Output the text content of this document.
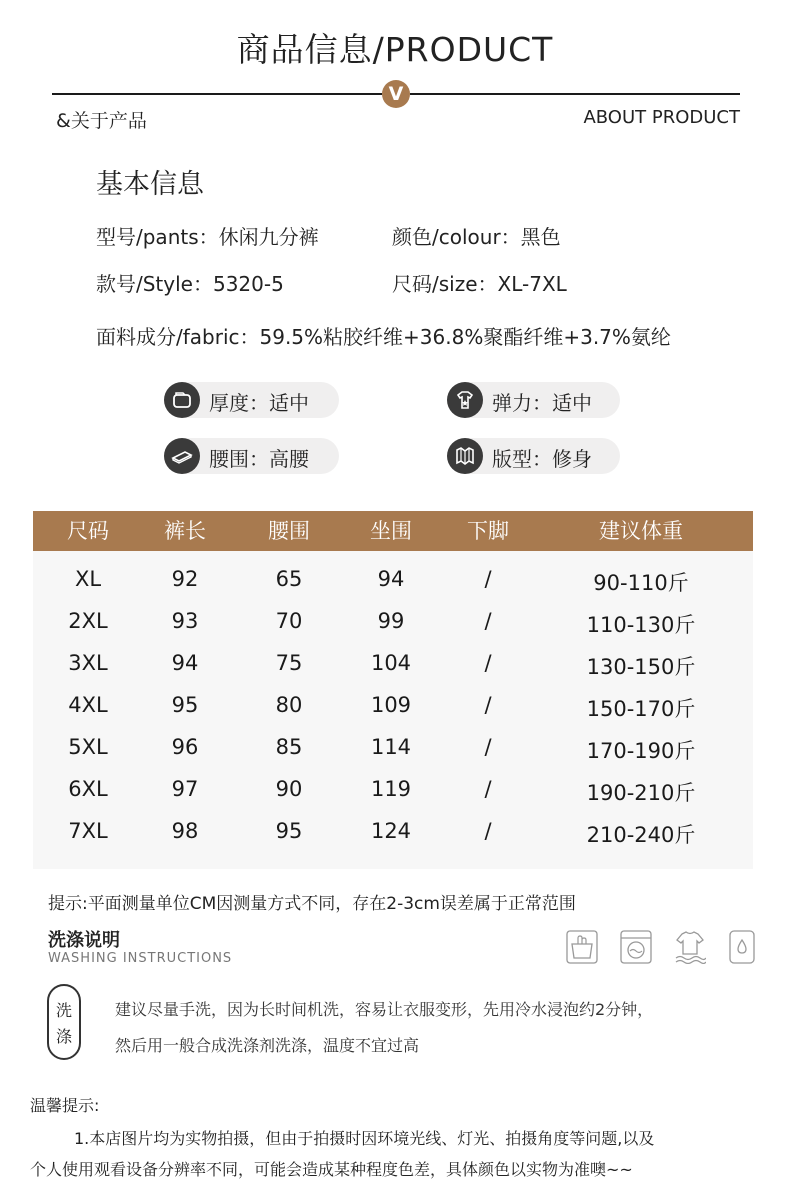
商品信息/PRODUCT
V
&关于产品	ABOUT PRODUCT
基本信息
型号/pants：休闲九分裤	颜色/colour：黑色
款号/Style：5320-5	尺码/size：XL-7XL
面料成分/fabric：59.5%粘胶纤维+36.8%聚酯纤维+3.7%氨纶
厚度：适中	弹力：适中
腰围：高腰	版型：修身
尺码	裤长	腰围	坐围	下脚	建议体重
XL	92	65	94	/	90-110斤
2XL	93	70	99	/	110-130斤
3XL	94	75	104	/	130-150斤
4XL	95	80	109	/	150-170斤
5XL	96	85	114	/	170-190斤
6XL	97	90	119	/	190-210斤
7XL	98	95	124	/	210-240斤
提示:平面测量单位CM因测量方式不同，存在2-3cm误差属于正常范围
洗涤说明
WASHING INSTRUCTIONS
洗
涤
建议尽量手洗，因为长时间机洗，容易让衣服变形，先用冷水浸泡约2分钟，
然后用一般合成洗涤剂洗涤，温度不宜过高
温馨提示:
1.本店图片均为实物拍摄，但由于拍摄时因环境光线、灯光、拍摄角度等问题,以及
个人使用观看设备分辨率不同，可能会造成某种程度色差，具体颜色以实物为准噢~~
